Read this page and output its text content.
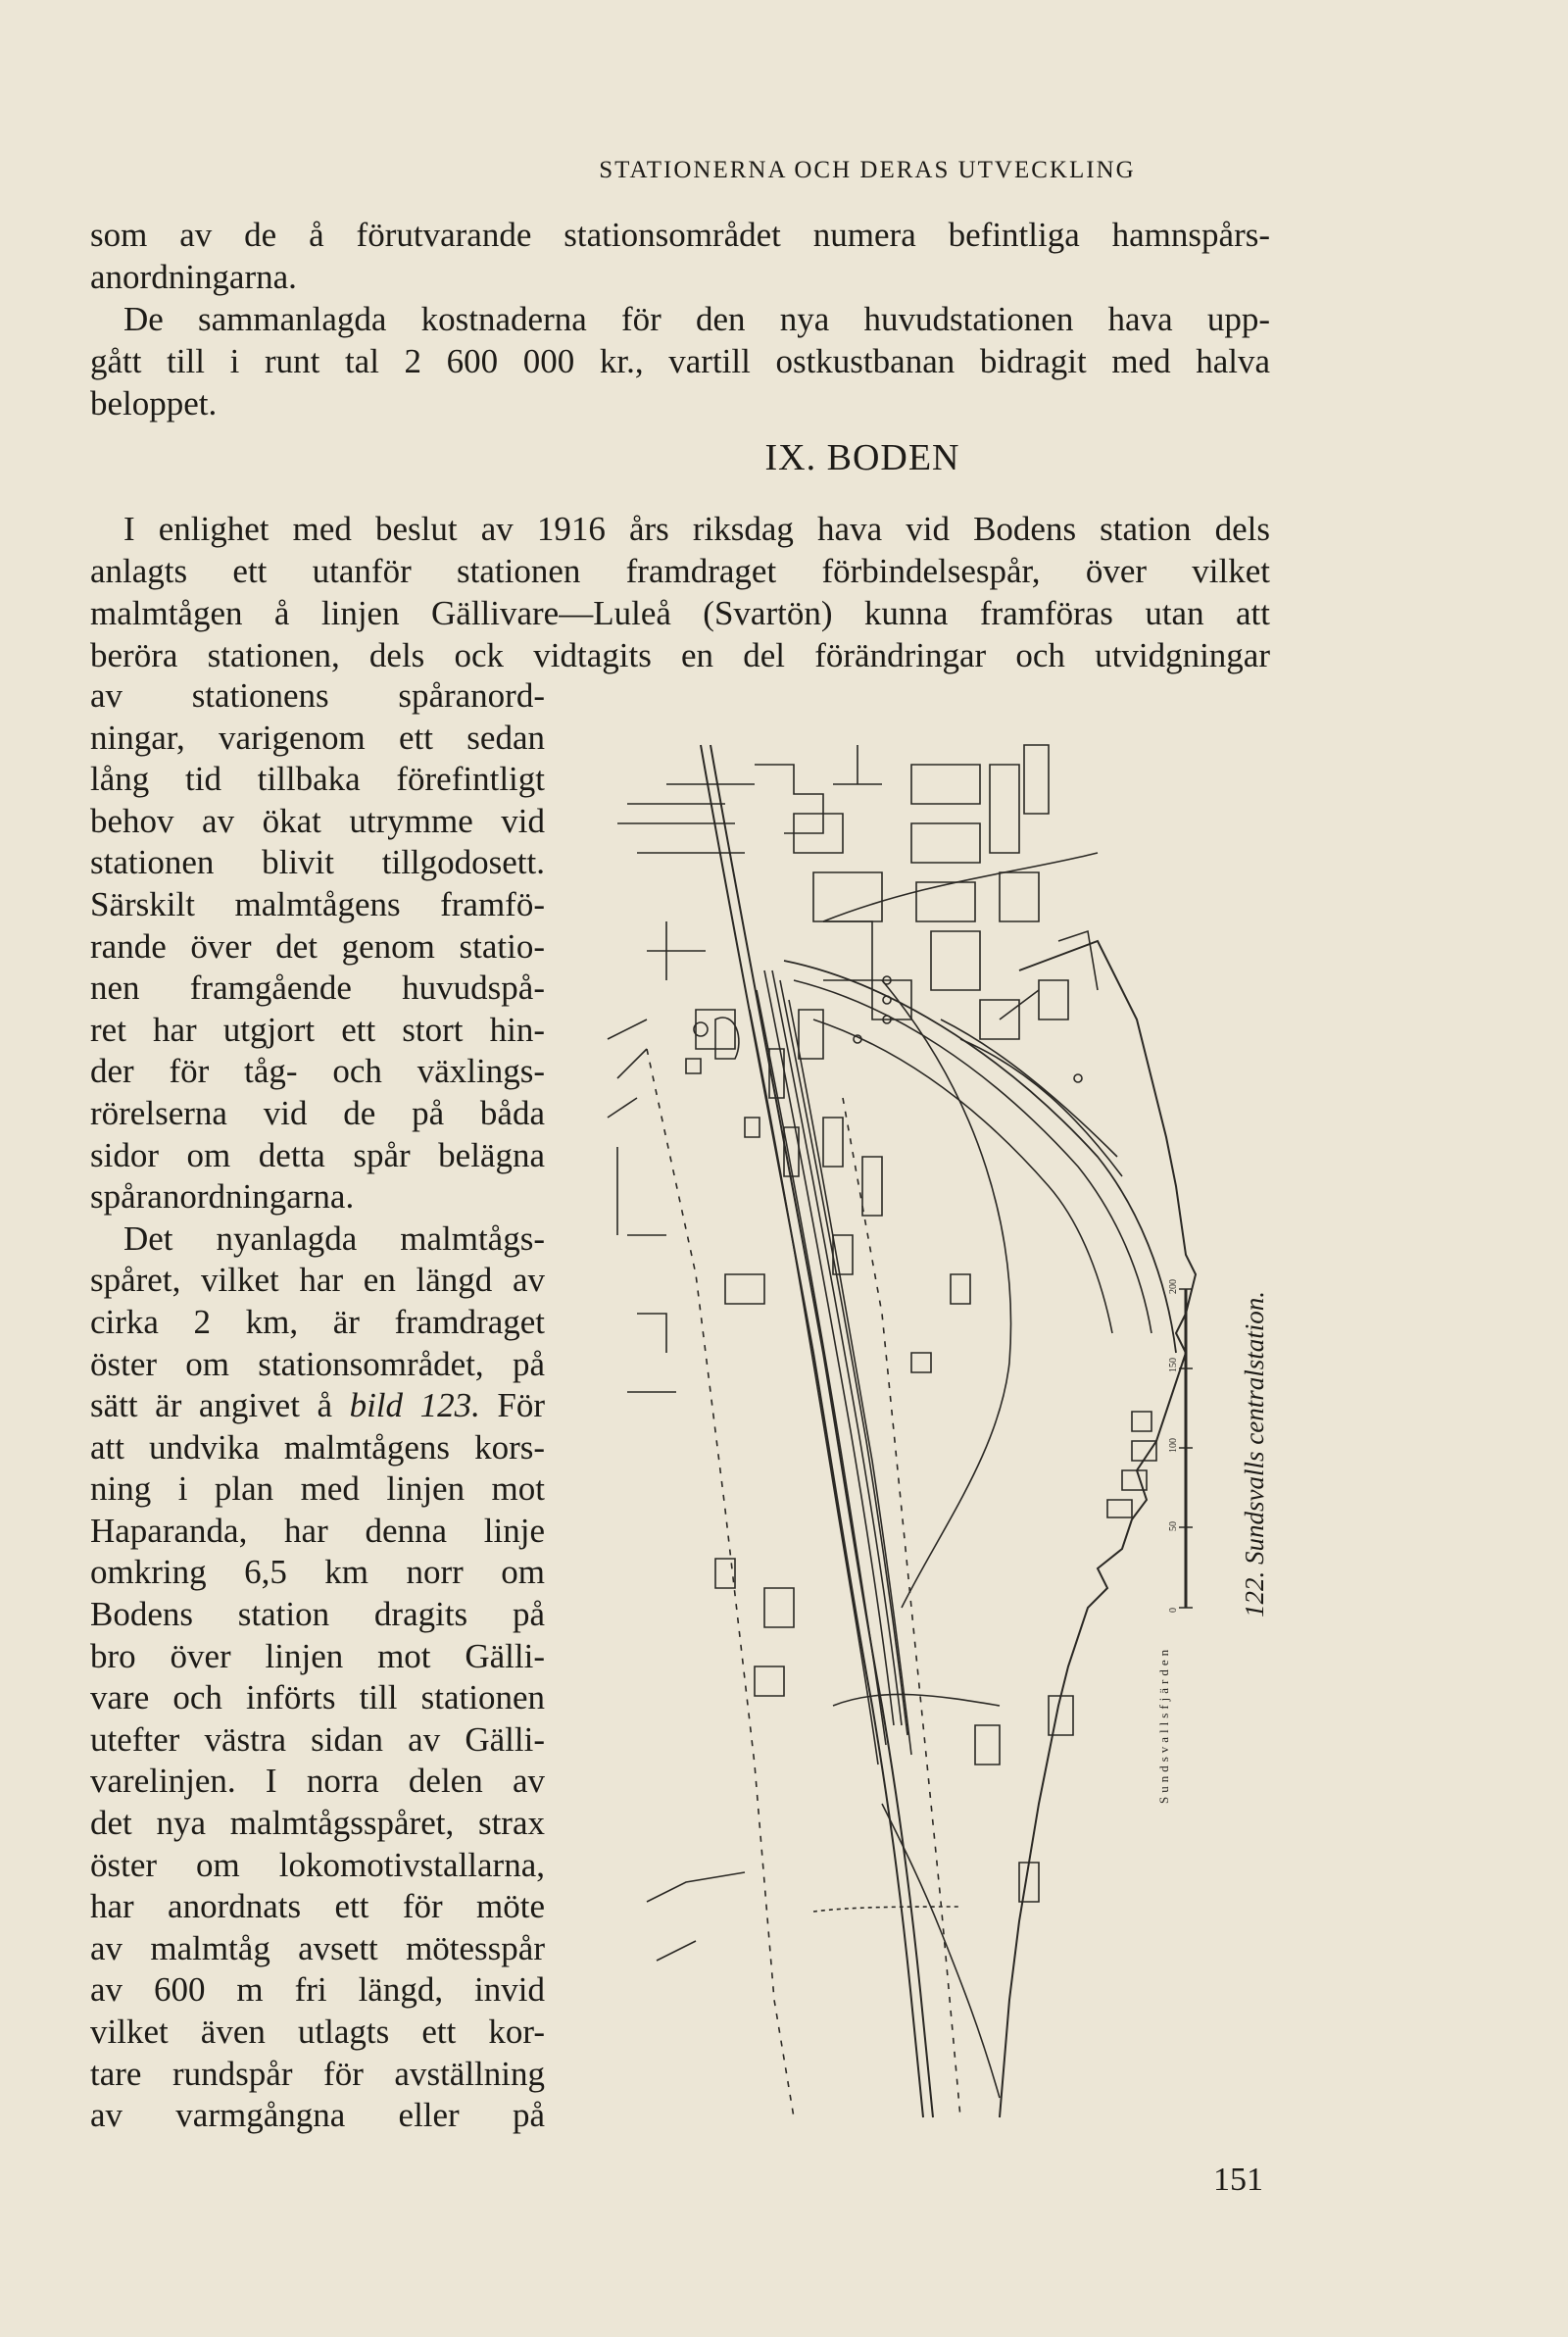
STATIONERNA OCH DERAS UTVECKLING
som av de å förutvarande stationsområdet numera befintliga hamnspårs-
anordningarna.
De sammanlagda kostnaderna för den nya huvudstationen hava upp-
gått till i runt tal 2 600 000 kr., vartill ostkustbanan bidragit med halva
beloppet.
IX. BODEN
I enlighet med beslut av 1916 års riksdag hava vid Bodens station dels
anlagts ett utanför stationen framdraget förbindelsespår, över vilket
malmtågen å linjen Gällivare—Luleå (Svartön) kunna framföras utan att
beröra stationen, dels ock vidtagits en del förändringar och utvidgningar
av stationens spåranord-
ningar, varigenom ett sedan
lång tid tillbaka förefintligt
behov av ökat utrymme vid
stationen blivit tillgodosett.
Särskilt malmtågens framfö-
rande över det genom statio-
nen framgående huvudspå-
ret har utgjort ett stort hin-
der för tåg- och växlings-
rörelserna vid de på båda
sidor om detta spår belägna
spåranordningarna.
Det nyanlagda malmtågs-
spåret, vilket har en längd av
cirka 2 km, är framdraget
öster om stationsområdet, på
sätt är angivet å bild 123. För
att undvika malmtågens kors-
ning i plan med linjen mot
Haparanda, har denna linje
omkring 6,5 km norr om
Bodens station dragits på
bro över linjen mot Gälli-
vare och införts till stationen
utefter västra sidan av Gälli-
varelinjen. I norra delen av
det nya malmtågsspåret, strax
öster om lokomotivstallarna,
har anordnats ett för möte
av malmtåg avsett mötesspår
av 600 m fri längd, invid
vilket även utlagts ett kor-
tare rundspår för avställning
av varmgångna eller på
0
50
100
150
200
Sundsvallsfjärden
122. Sundsvalls centralstation.
151
